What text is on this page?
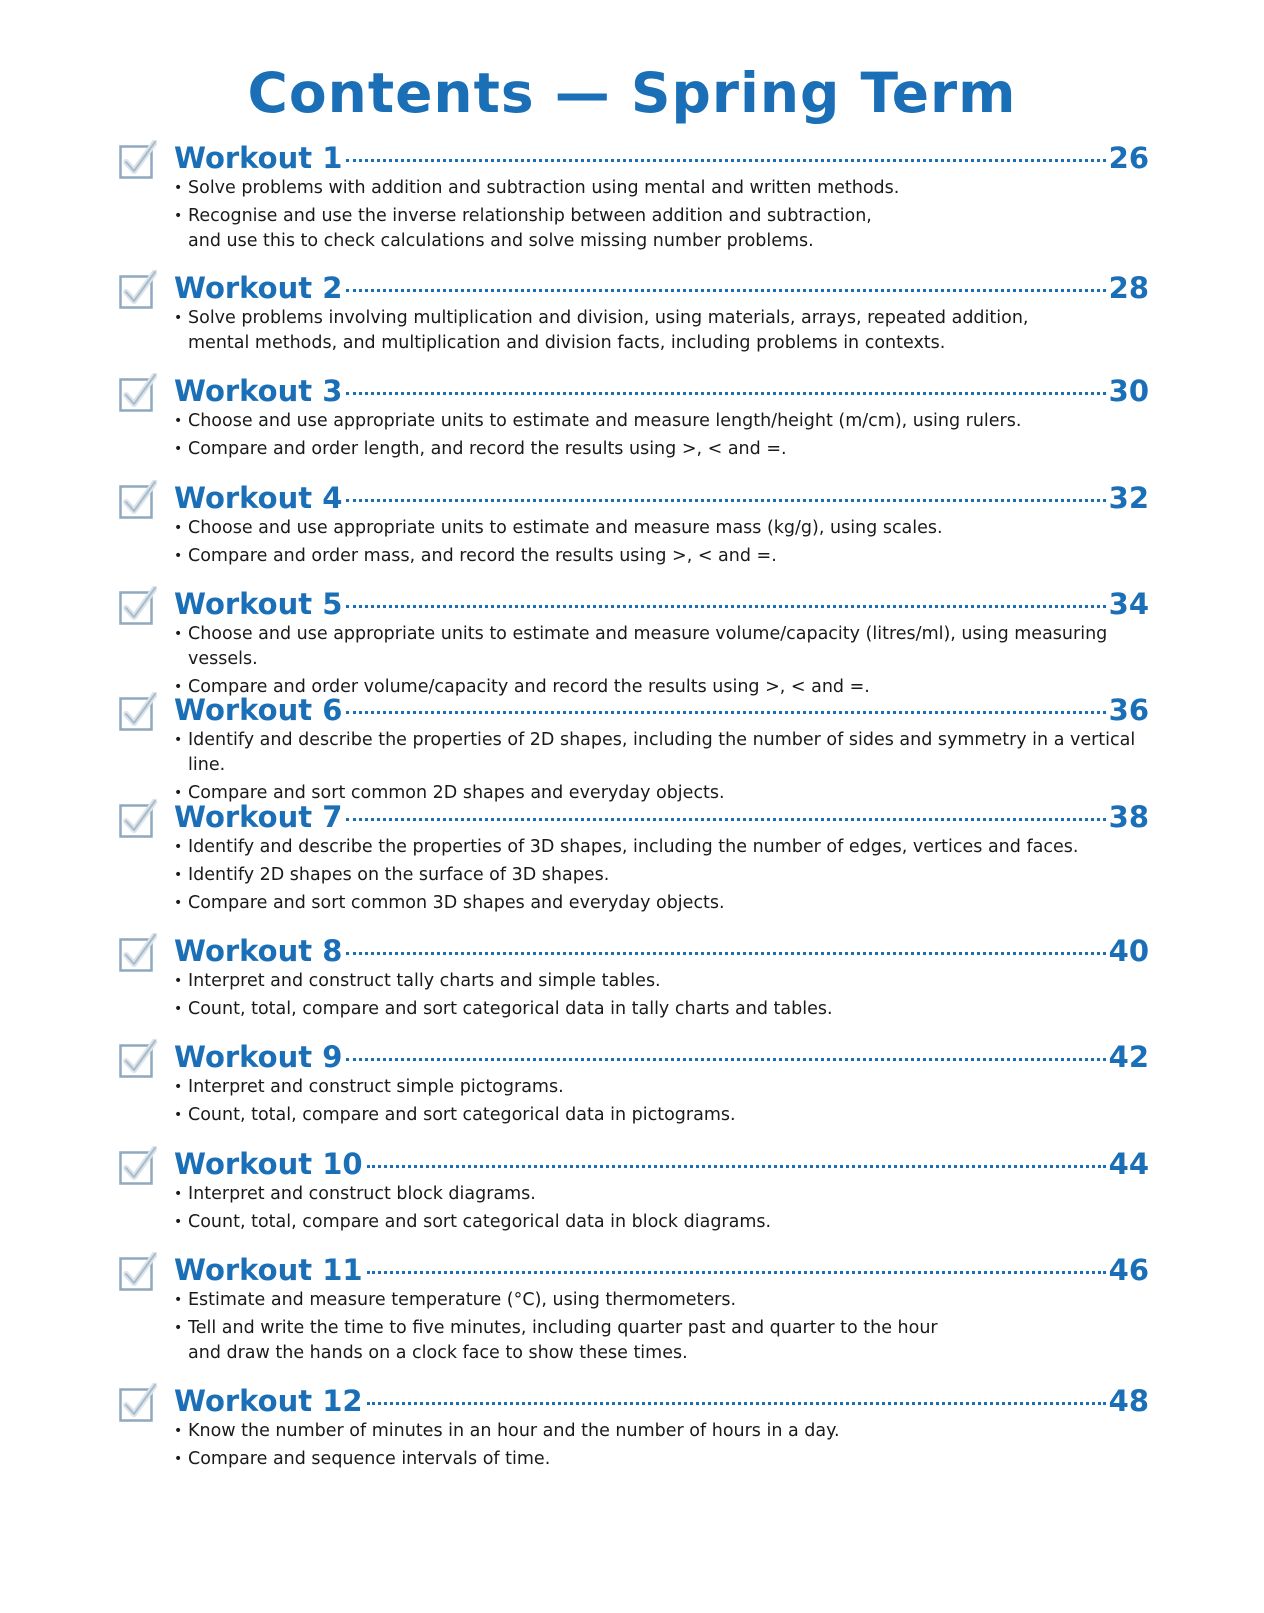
Contents — Spring Term
Workout 1	26
• Solve problems with addition and subtraction using mental and written methods.
• Recognise and use the inverse relationship between addition and subtraction,
and use this to check calculations and solve missing number problems.
Workout 2	28
• Solve problems involving multiplication and division, using materials, arrays, repeated addition,
mental methods, and multiplication and division facts, including problems in contexts.
Workout 3	30
• Choose and use appropriate units to estimate and measure length/height (m/cm), using rulers.
• Compare and order length, and record the results using >, < and =.
Workout 4	32
• Choose and use appropriate units to estimate and measure mass (kg/g), using scales.
• Compare and order mass, and record the results using >, < and =.
Workout 5	34
• Choose and use appropriate units to estimate and measure volume/capacity (litres/ml), using measuring vessels.
• Compare and order volume/capacity and record the results using >, < and =.
Workout 6	36
• Identify and describe the properties of 2D shapes, including the number of sides and symmetry in a vertical line.
• Compare and sort common 2D shapes and everyday objects.
Workout 7	38
• Identify and describe the properties of 3D shapes, including the number of edges, vertices and faces.
• Identify 2D shapes on the surface of 3D shapes.
• Compare and sort common 3D shapes and everyday objects.
Workout 8	40
• Interpret and construct tally charts and simple tables.
• Count, total, compare and sort categorical data in tally charts and tables.
Workout 9	42
• Interpret and construct simple pictograms.
• Count, total, compare and sort categorical data in pictograms.
Workout 10	44
• Interpret and construct block diagrams.
• Count, total, compare and sort categorical data in block diagrams.
Workout 11	46
• Estimate and measure temperature (°C), using thermometers.
• Tell and write the time to five minutes, including quarter past and quarter to the hour
and draw the hands on a clock face to show these times.
Workout 12	48
• Know the number of minutes in an hour and the number of hours in a day.
• Compare and sequence intervals of time.
